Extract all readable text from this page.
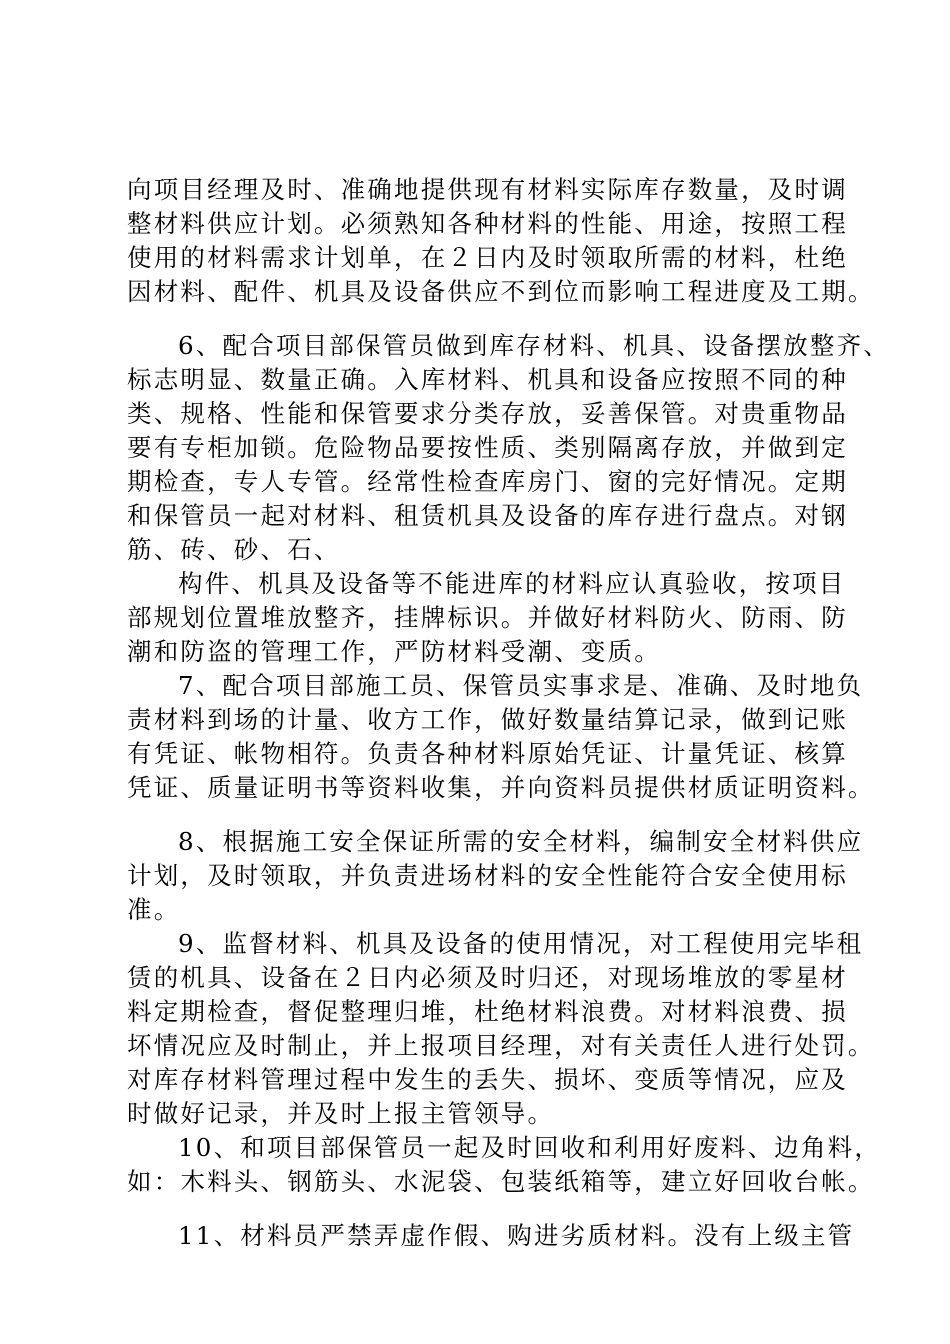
向项目经理及时、准确地提供现有材料实际库存数量，及时调
整材料供应计划。必须熟知各种材料的性能、用途，按照工程
使用的材料需求计划单，在２日内及时领取所需的材料，杜绝
因材料、配件、机具及设备供应不到位而影响工程进度及工期。
6、配合项目部保管员做到库存材料、机具、设备摆放整齐、
标志明显、数量正确。入库材料、机具和设备应按照不同的种
类、规格、性能和保管要求分类存放，妥善保管。对贵重物品
要有专柜加锁。危险物品要按性质、类别隔离存放，并做到定
期检查，专人专管。经常性检查库房门、窗的完好情况。定期
和保管员一起对材料、租赁机具及设备的库存进行盘点。对钢
筋、砖、砂、石、
构件、机具及设备等不能进库的材料应认真验收，按项目
部规划位置堆放整齐，挂牌标识。并做好材料防火、防雨、防
潮和防盗的管理工作，严防材料受潮、变质。
7、配合项目部施工员、保管员实事求是、准确、及时地负
责材料到场的计量、收方工作，做好数量结算记录，做到记账
有凭证、帐物相符。负责各种材料原始凭证、计量凭证、核算
凭证、质量证明书等资料收集，并向资料员提供材质证明资料。
8、根据施工安全保证所需的安全材料，编制安全材料供应
计划，及时领取，并负责进场材料的安全性能符合安全使用标
准。
9、监督材料、机具及设备的使用情况，对工程使用完毕租
赁的机具、设备在２日内必须及时归还，对现场堆放的零星材
料定期检查，督促整理归堆，杜绝材料浪费。对材料浪费、损
坏情况应及时制止，并上报项目经理，对有关责任人进行处罚。
对库存材料管理过程中发生的丢失、损坏、变质等情况，应及
时做好记录，并及时上报主管领导。
10、和项目部保管员一起及时回收和利用好废料、边角料，
如：木料头、钢筋头、水泥袋、包装纸箱等，建立好回收台帐。
11、材料员严禁弄虚作假、购进劣质材料。没有上级主管
